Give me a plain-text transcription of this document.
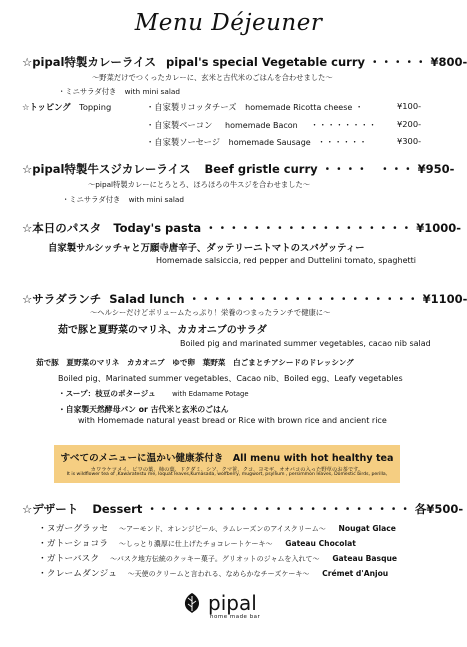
Menu Déjeuner
☆pipal特製カレーライス pipal's special Vegetable curry ・・・・・ ¥800-
～野菜だけでつくったカレーに、玄米と古代米のごはんを合わせました～
・ミニサラダ付き with mini salad
☆トッピング Topping	・自家製リコッタチーズ homemade Ricotta cheese ・	¥100-
・自家製ベーコン homemade Bacon ・・・・・・・・ ¥200-
・自家製ソーセージ homemade Sausage ・・・・・・	¥300-
☆pipal特製牛スジカレーライス Beef gristle curry ・・・・　・・・ ¥950-
～pipal特製カレーにとろとろ、ほろほろの牛スジを合わせました～
・ミニサラダ付き with mini salad
☆本日のパスタ Today's pasta ・・・・・・・・・・・・・・・・・・ ¥1000-
自家製サルシッチャと万願寺唐辛子、ダッテリーニトマトのスパゲッティー
Homemade salsiccia, red pepper and Duttelini tomato, spaghetti
☆サラダランチ Salad lunch ・・・・・・・・・・・・・・・・・・・・ ¥1100-
～ヘルシーだけどボリュームたっぷり！栄養のつまったランチで健康に～
茹で豚と夏野菜のマリネ、カカオニブのサラダ
Boiled pig and marinated summer vegetables, cacao nib salad
茹で豚　夏野菜のマリネ　カカオニブ　ゆで卵　葉野菜　白ごまとチアシードのドレッシング
Boiled pig、Marinated summer vegetables、Cacao nib、Boiled egg、Leafy vegetables
・スープ：枝豆のポタージュ with Edamame Potage
・自家製天然酵母パン or 古代米と玄米のごはん
with Homemade natural yeast bread or Rice with brown rice and ancient rice
すべてのメニューに温かい健康茶付き All menu with hot healthy tea
カワラケツメイ、ビワの葉、柿の葉、ドクダミ、シソ、クマ笹、クコ、ヨモギ、オオバコの入った野草のお茶です。
It is wildflower tea of ,Kawaratestu me, loquat leaves,Kumasada, wolfberry, mugwort, psyllium , persimmon leaves, Domestic birds, perilla,
☆デザート Dessert ・・・・・・・・・・・・・・・・・・・・・・・ 各¥500-
・ヌガーグラッセ ～アーモンド、オレンジピール、ラムレーズンのアイスクリーム～ Nougat Glace
・ガトーショコラ ～しっとり濃厚に仕上げたチョコレートケーキ～ Gateau Chocolat
・ガトーバスク ～バスク地方伝統のクッキー菓子。グリオットのジャムを入れて～ Gateau Basque
・クレームダンジュ ～天使のクリームと言われる、なめらかなチーズケーキ～ Crémet d'Anjou
pipal
home made bar
